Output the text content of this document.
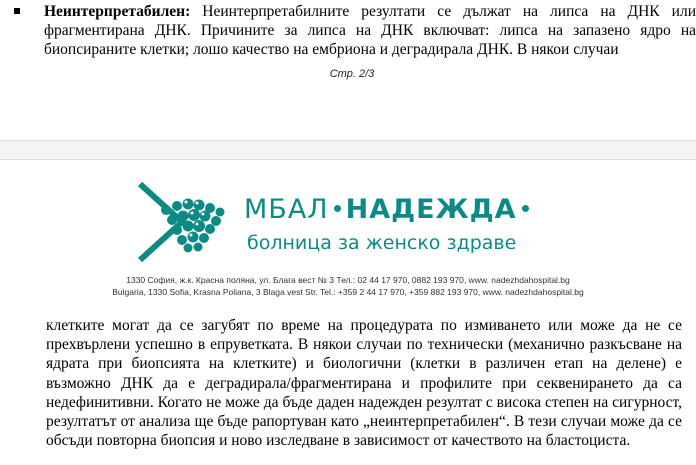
Неинтерпретабилен: Неинтерпретабилните резултати се дължат на липса на ДНК или фрагментирана ДНК. Причините за липса на ДНК включват: липса на запазено ядро на биопсираните клетки; лошо качество на ембриона и деградирала ДНК. В някои случаи

Стр. 2/3
МБАЛ НАДЕЖДА
болница за женско здраве
1330 София, ж.к. Красна поляна, ул. Блага вест № 3 Тел.: 02 44 17 970, 0882 193 970, www. nadezhdahospital.bg
Bulgaria, 1330 Sofia, Krasna Poliana, 3 Blaga vest Str. Tel.: +359 2 44 17 970, +359 882 193 970, www. nadezhdahospital.bg

клетките могат да се загубят по време на процедурата по измиването или може да не се прехвърлени успешно в епруветката. В някои случаи по технически (механично разкъсване на ядрата при биопсията на клетките) и биологични (клетки в различен етап на делене) е възможно ДНК да е деградирала/фрагментирана и профилите при секвенирането да са недефинитивни. Когато не може да бъде даден надежден резултат с висока степен на сигурност, резултатът от анализа ще бъде рапортуван като „неинтерпретабилен“. В тези случаи може да се обсъди повторна биопсия и ново изследване в зависимост от качеството на бластоциста.
